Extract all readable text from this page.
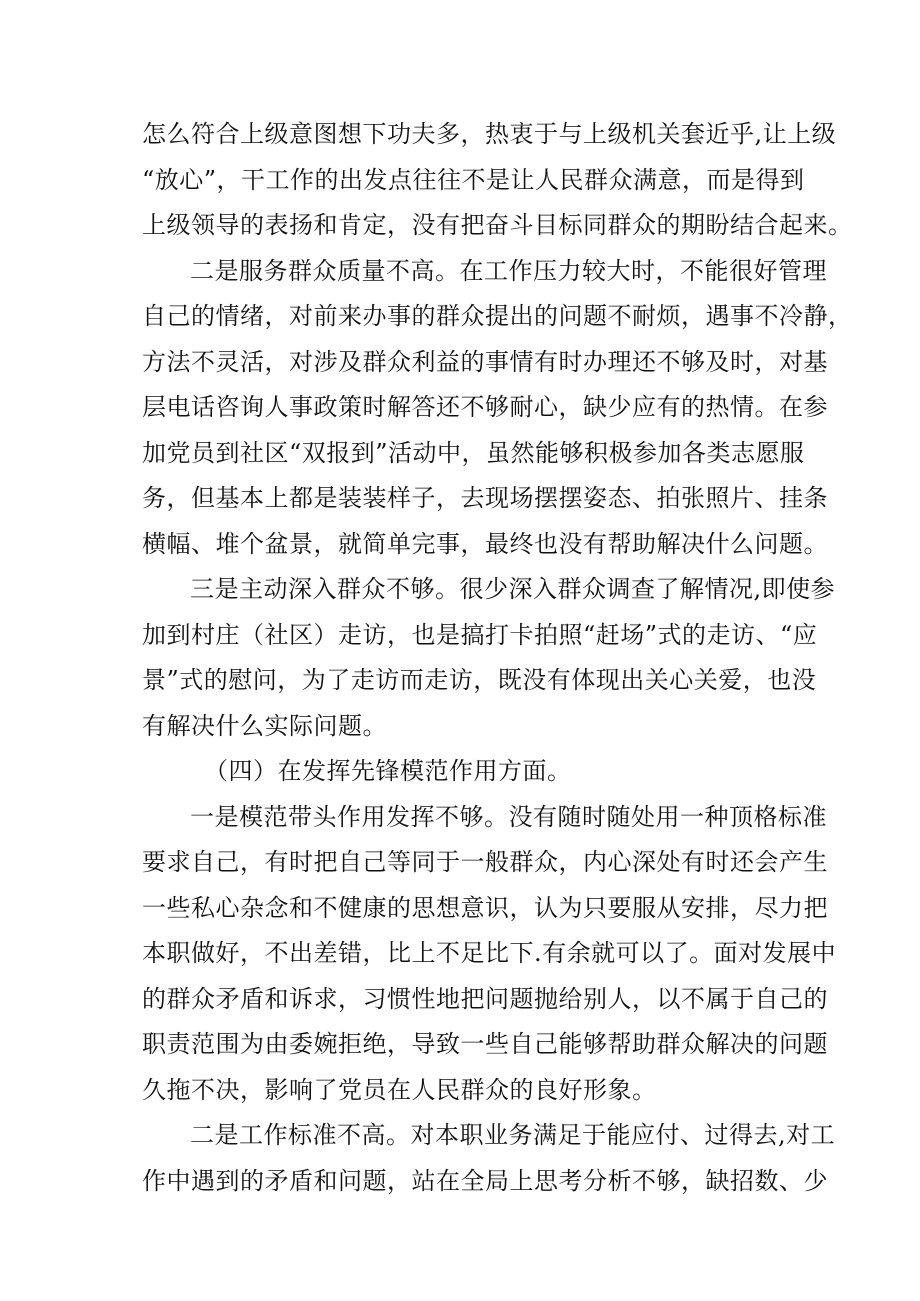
怎么符合上级意图想下功夫多，热衷于与上级机关套近乎,让上级
“放心”，干工作的出发点往往不是让人民群众满意，而是得到
上级领导的表扬和肯定，没有把奋斗目标同群众的期盼结合起来。
二是服务群众质量不高。在工作压力较大时，不能很好管理
自己的情绪，对前来办事的群众提出的问题不耐烦，遇事不冷静，
方法不灵活，对涉及群众利益的事情有时办理还不够及时，对基
层电话咨询人事政策时解答还不够耐心，缺少应有的热情。在参
加党员到社区“双报到”活动中，虽然能够积极参加各类志愿服
务，但基本上都是装装样子，去现场摆摆姿态、拍张照片、挂条
横幅、堆个盆景，就简单完事，最终也没有帮助解决什么问题。
三是主动深入群众不够。很少深入群众调查了解情况,即使参
加到村庄（社区）走访，也是搞打卡拍照“赶场”式的走访、“应
景”式的慰问，为了走访而走访，既没有体现出关心关爱，也没
有解决什么实际问题。
（四）在发挥先锋模范作用方面。
一是模范带头作用发挥不够。没有随时随处用一种顶格标准
要求自己，有时把自己等同于一般群众，内心深处有时还会产生
一些私心杂念和不健康的思想意识，认为只要服从安排，尽力把
本职做好，不出差错，比上不足比下.有余就可以了。面对发展中
的群众矛盾和诉求，习惯性地把问题抛给别人，以不属于自己的
职责范围为由委婉拒绝，导致一些自己能够帮助群众解决的问题
久拖不决，影响了党员在人民群众的良好形象。
二是工作标准不高。对本职业务满足于能应付、过得去,对工
作中遇到的矛盾和问题，站在全局上思考分析不够，缺招数、少
